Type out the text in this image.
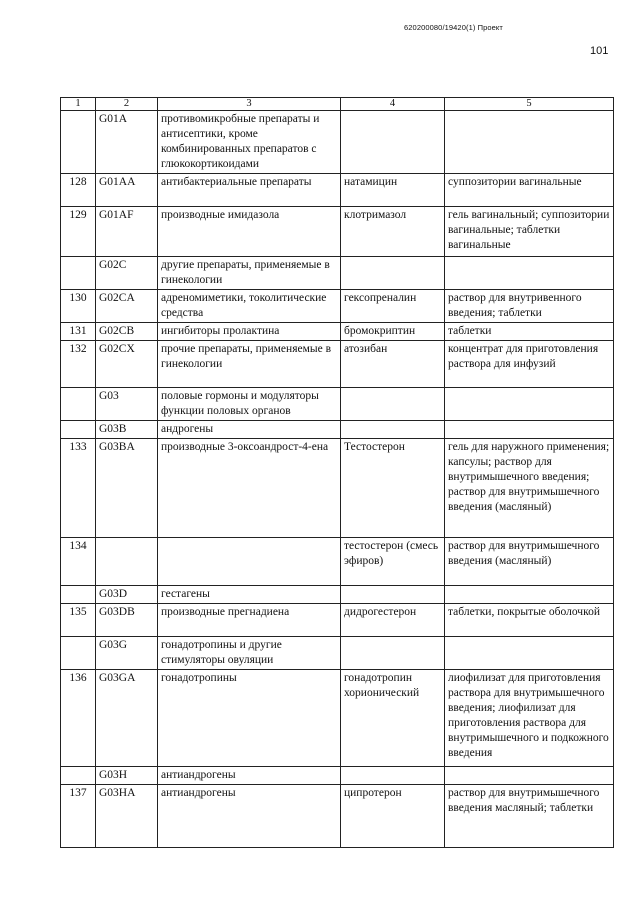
620200080/19420(1) Проект
101
1	2	3	4	5
	G01A	противомикробные препараты и антисептики, кроме комбинированных препаратов с глюкокортикоидами		
128	G01AA	антибактериальные препараты	натамицин	суппозитории вагинальные
129	G01AF	производные имидазола	клотримазол	гель вагинальный; суппозитории вагинальные; таблетки вагинальные
	G02C	другие препараты, применяемые в гинекологии		
130	G02CA	адреномиметики, токолитические средства	гексопреналин	раствор для внутривенного введения; таблетки
131	G02CB	ингибиторы пролактина	бромокриптин	таблетки
132	G02CX	прочие препараты, применяемые в гинекологии	атозибан	концентрат для приготовления раствора для инфузий
	G03	половые гормоны и модуляторы функции половых органов		
	G03B	андрогены		
133	G03BA	производные 3-оксоандрост-4-ена	Тестостерон	гель для наружного применения; капсулы; раствор для внутримышечного введения; раствор для внутримышечного введения (масляный)
134			тестостерон (смесь эфиров)	раствор для внутримышечного введения (масляный)
	G03D	гестагены		
135	G03DB	производные прегнадиена	дидрогестерон	таблетки, покрытые оболочкой
	G03G	гонадотропины и другие стимуляторы овуляции		
136	G03GA	гонадотропины	гонадотропин хорионический	лиофилизат для приготовления раствора для внутримышечного введения; лиофилизат для приготовления раствора для внутримышечного и подкожного введения
	G03H	антиандрогены		
137	G03HA	антиандрогены	ципротерон	раствор для внутримышечного введения масляный; таблетки
